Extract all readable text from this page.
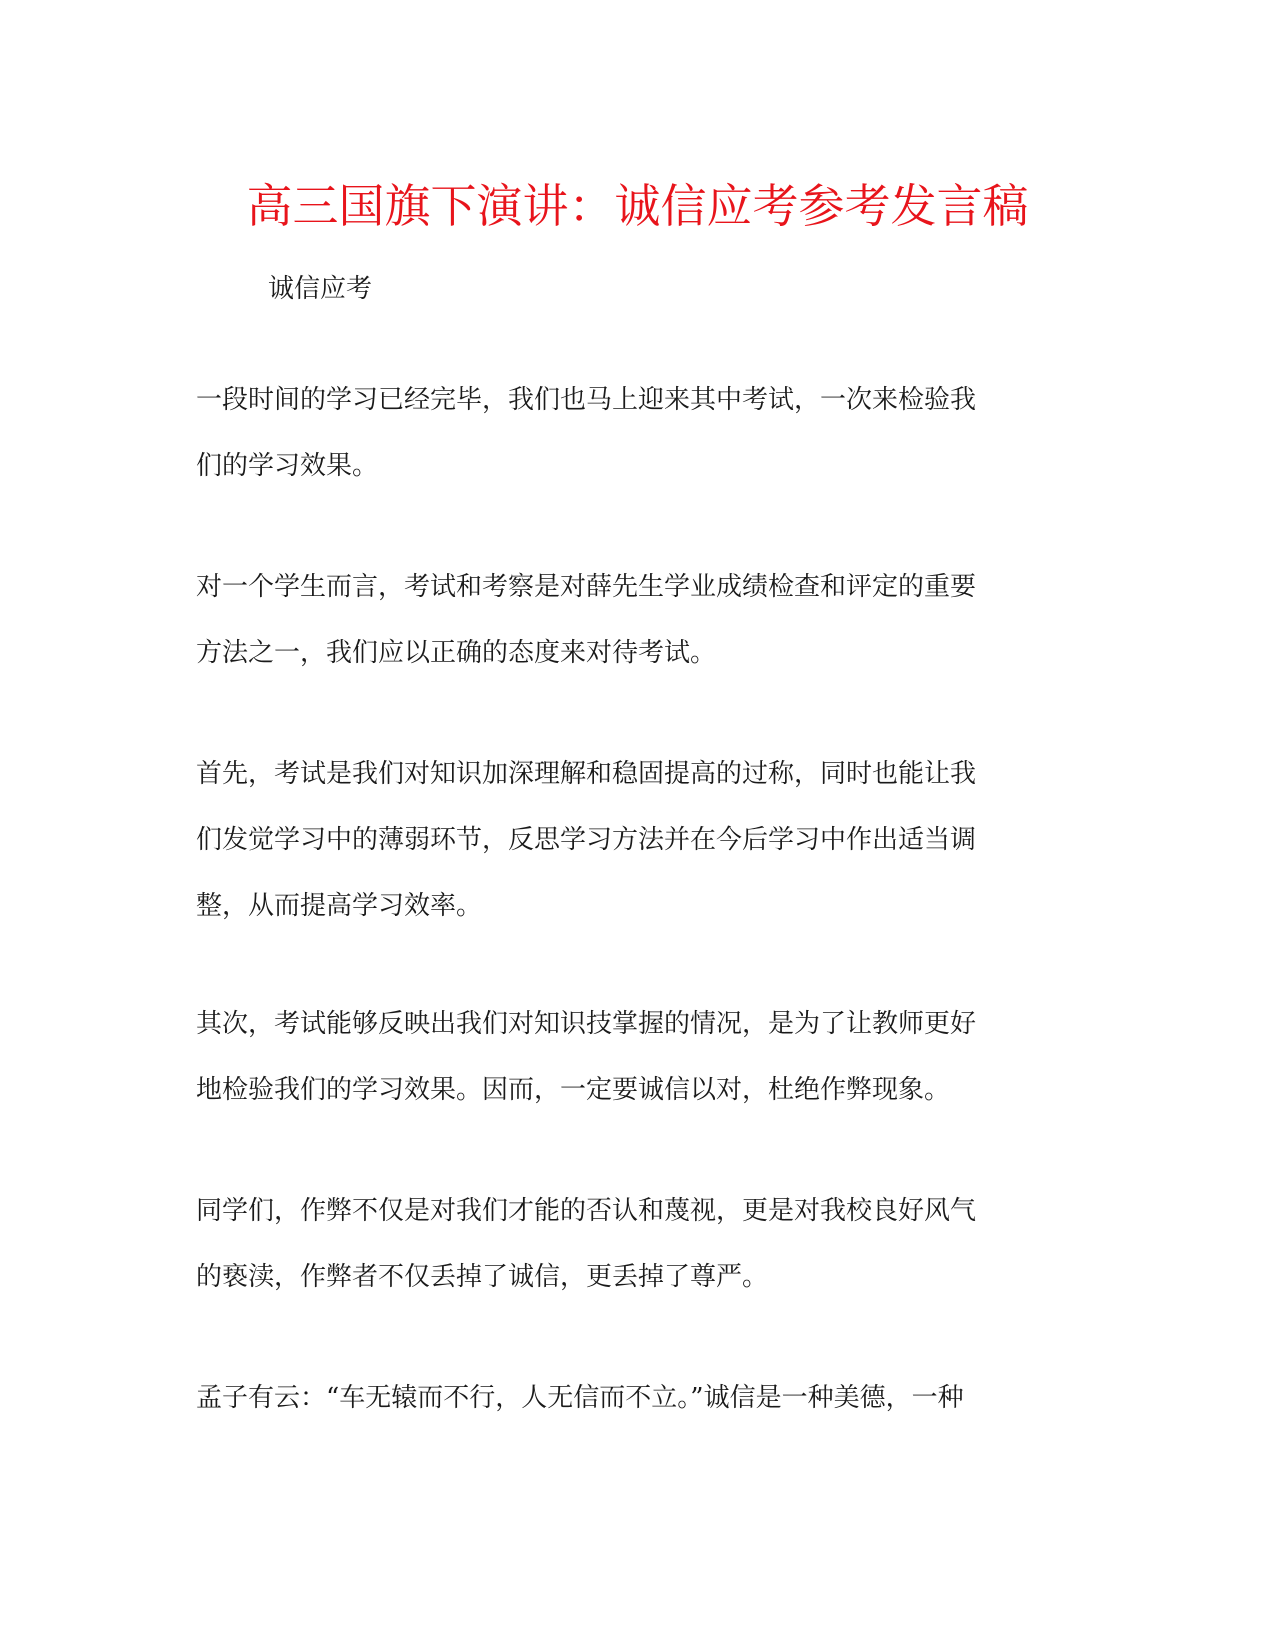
高三国旗下演讲：诚信应考参考发言稿

诚信应考

一段时间的学习已经完毕，我们也马上迎来其中考试，一次来检验我
们的学习效果。

对一个学生而言，考试和考察是对薛先生学业成绩检查和评定的重要
方法之一，我们应以正确的态度来对待考试。

首先，考试是我们对知识加深理解和稳固提高的过称，同时也能让我
们发觉学习中的薄弱环节，反思学习方法并在今后学习中作出适当调
整，从而提高学习效率。

其次，考试能够反映出我们对知识技掌握的情况，是为了让教师更好
地检验我们的学习效果。因而，一定要诚信以对，杜绝作弊现象。

同学们，作弊不仅是对我们才能的否认和蔑视，更是对我校良好风气
的亵渎，作弊者不仅丢掉了诚信，更丢掉了尊严。

孟子有云：“车无辕而不行，人无信而不立。”诚信是一种美德，一种
